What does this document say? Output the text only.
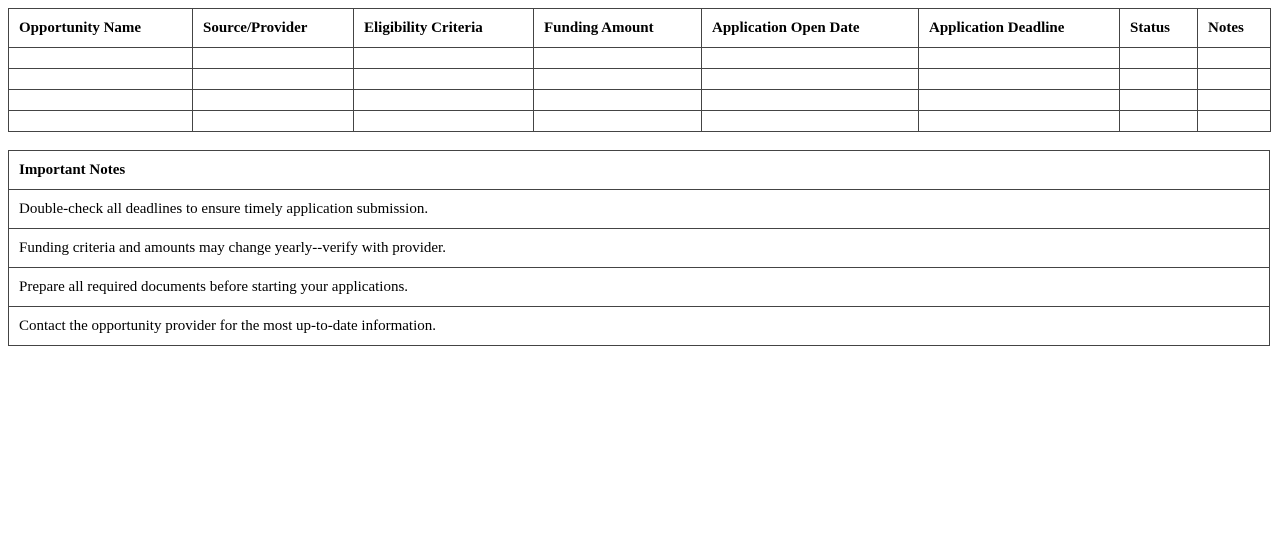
Opportunity Name	Source/Provider	Eligibility Criteria	Funding Amount	Application Open Date	Application Deadline	Status	Notes

Important Notes
Double-check all deadlines to ensure timely application submission.
Funding criteria and amounts may change yearly--verify with provider.
Prepare all required documents before starting your applications.
Contact the opportunity provider for the most up-to-date information.
